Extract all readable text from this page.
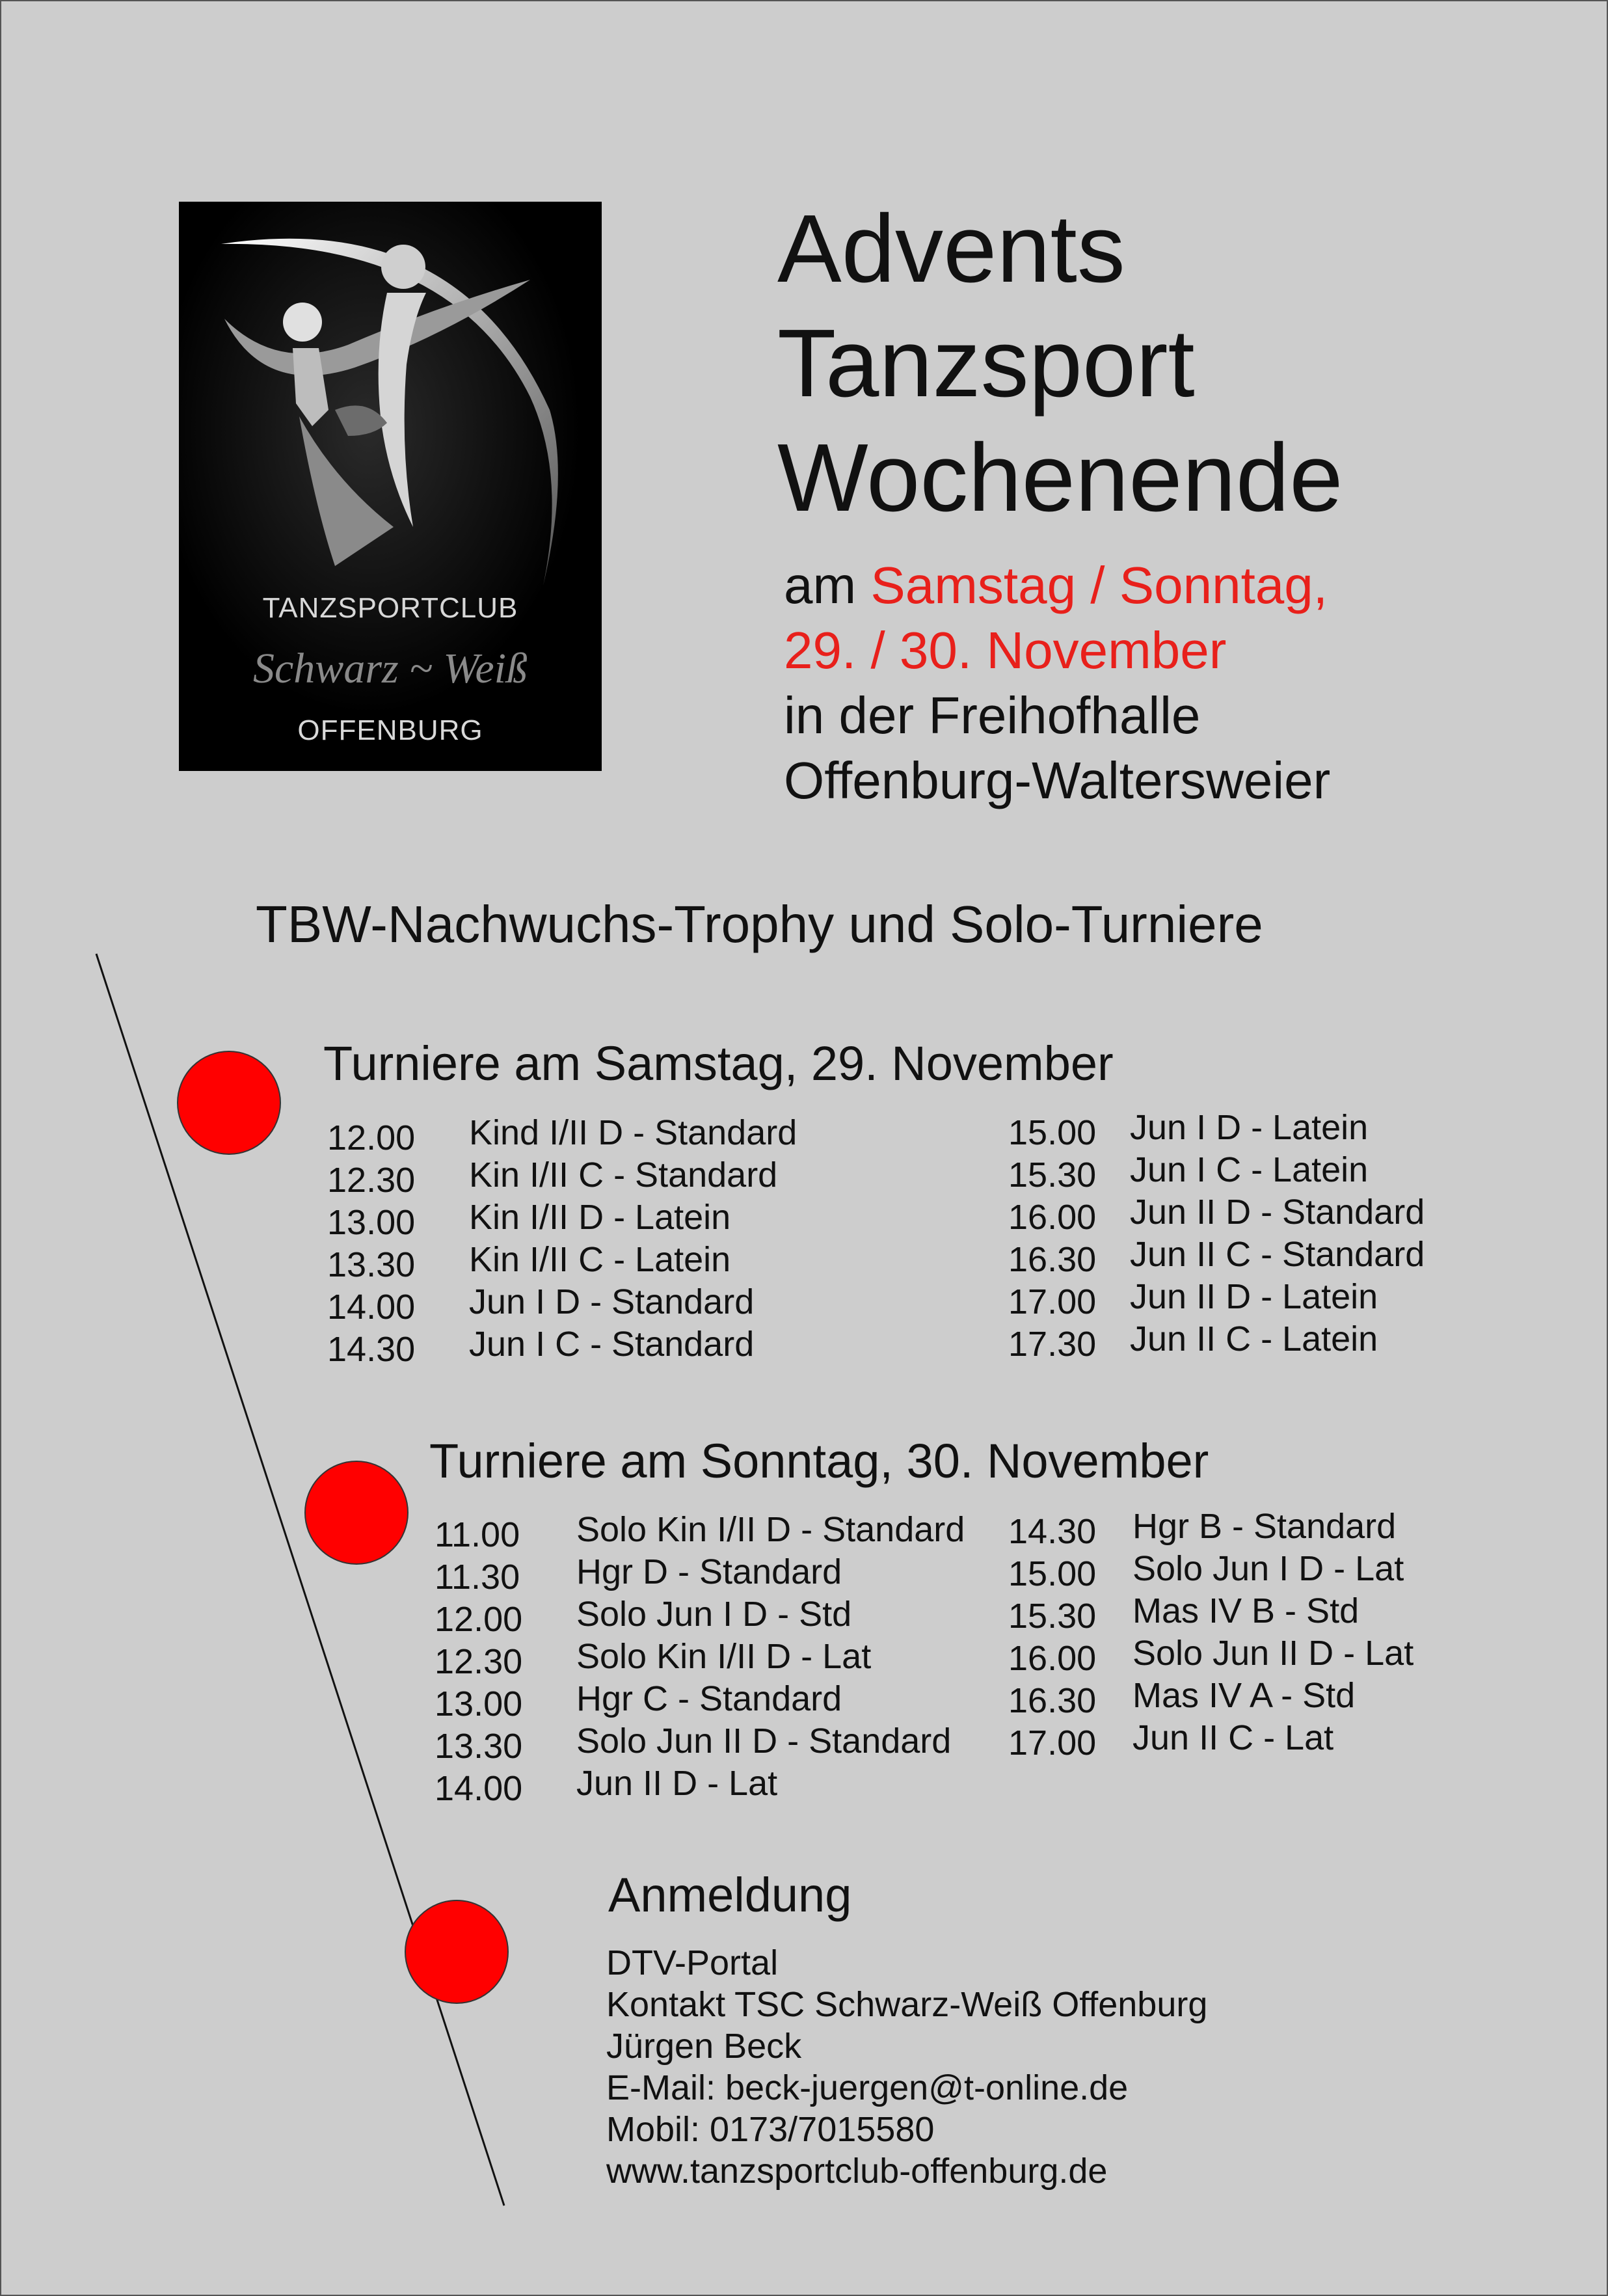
TANZSPORTCLUB
Schwarz ~ Weiß
OFFENBURG
Advents
Tanzsport
Wochenende
am Samstag / Sonntag,
29. / 30. November
in der Freihofhalle
Offenburg-Waltersweier
TBW-Nachwuchs-Trophy und Solo-Turniere
Turniere am Samstag, 29. November
12.00 Kind I/II D - Standard
12.30 Kin I/II C - Standard
13.00 Kin I/II D - Latein
13.30 Kin I/II C - Latein
14.00 Jun I D - Standard
14.30 Jun I C - Standard
15.00 Jun I D - Latein
15.30 Jun I C - Latein
16.00 Jun II D - Standard
16.30 Jun II C - Standard
17.00 Jun II D - Latein
17.30 Jun II C - Latein
Turniere am Sonntag, 30. November
11.00 Solo Kin I/II D - Standard
11.30 Hgr D - Standard
12.00 Solo Jun I D - Std
12.30 Solo Kin I/II D - Lat
13.00 Hgr C - Standard
13.30 Solo Jun II D - Standard
14.00 Jun II D - Lat
14.30 Hgr B - Standard
15.00 Solo Jun I D - Lat
15.30 Mas IV B - Std
16.00 Solo Jun II D - Lat
16.30 Mas IV A - Std
17.00 Jun II C - Lat
Anmeldung
DTV-Portal
Kontakt TSC Schwarz-Weiß Offenburg
Jürgen Beck
E-Mail: beck-juergen@t-online.de
Mobil: 0173/7015580
www.tanzsportclub-offenburg.de
